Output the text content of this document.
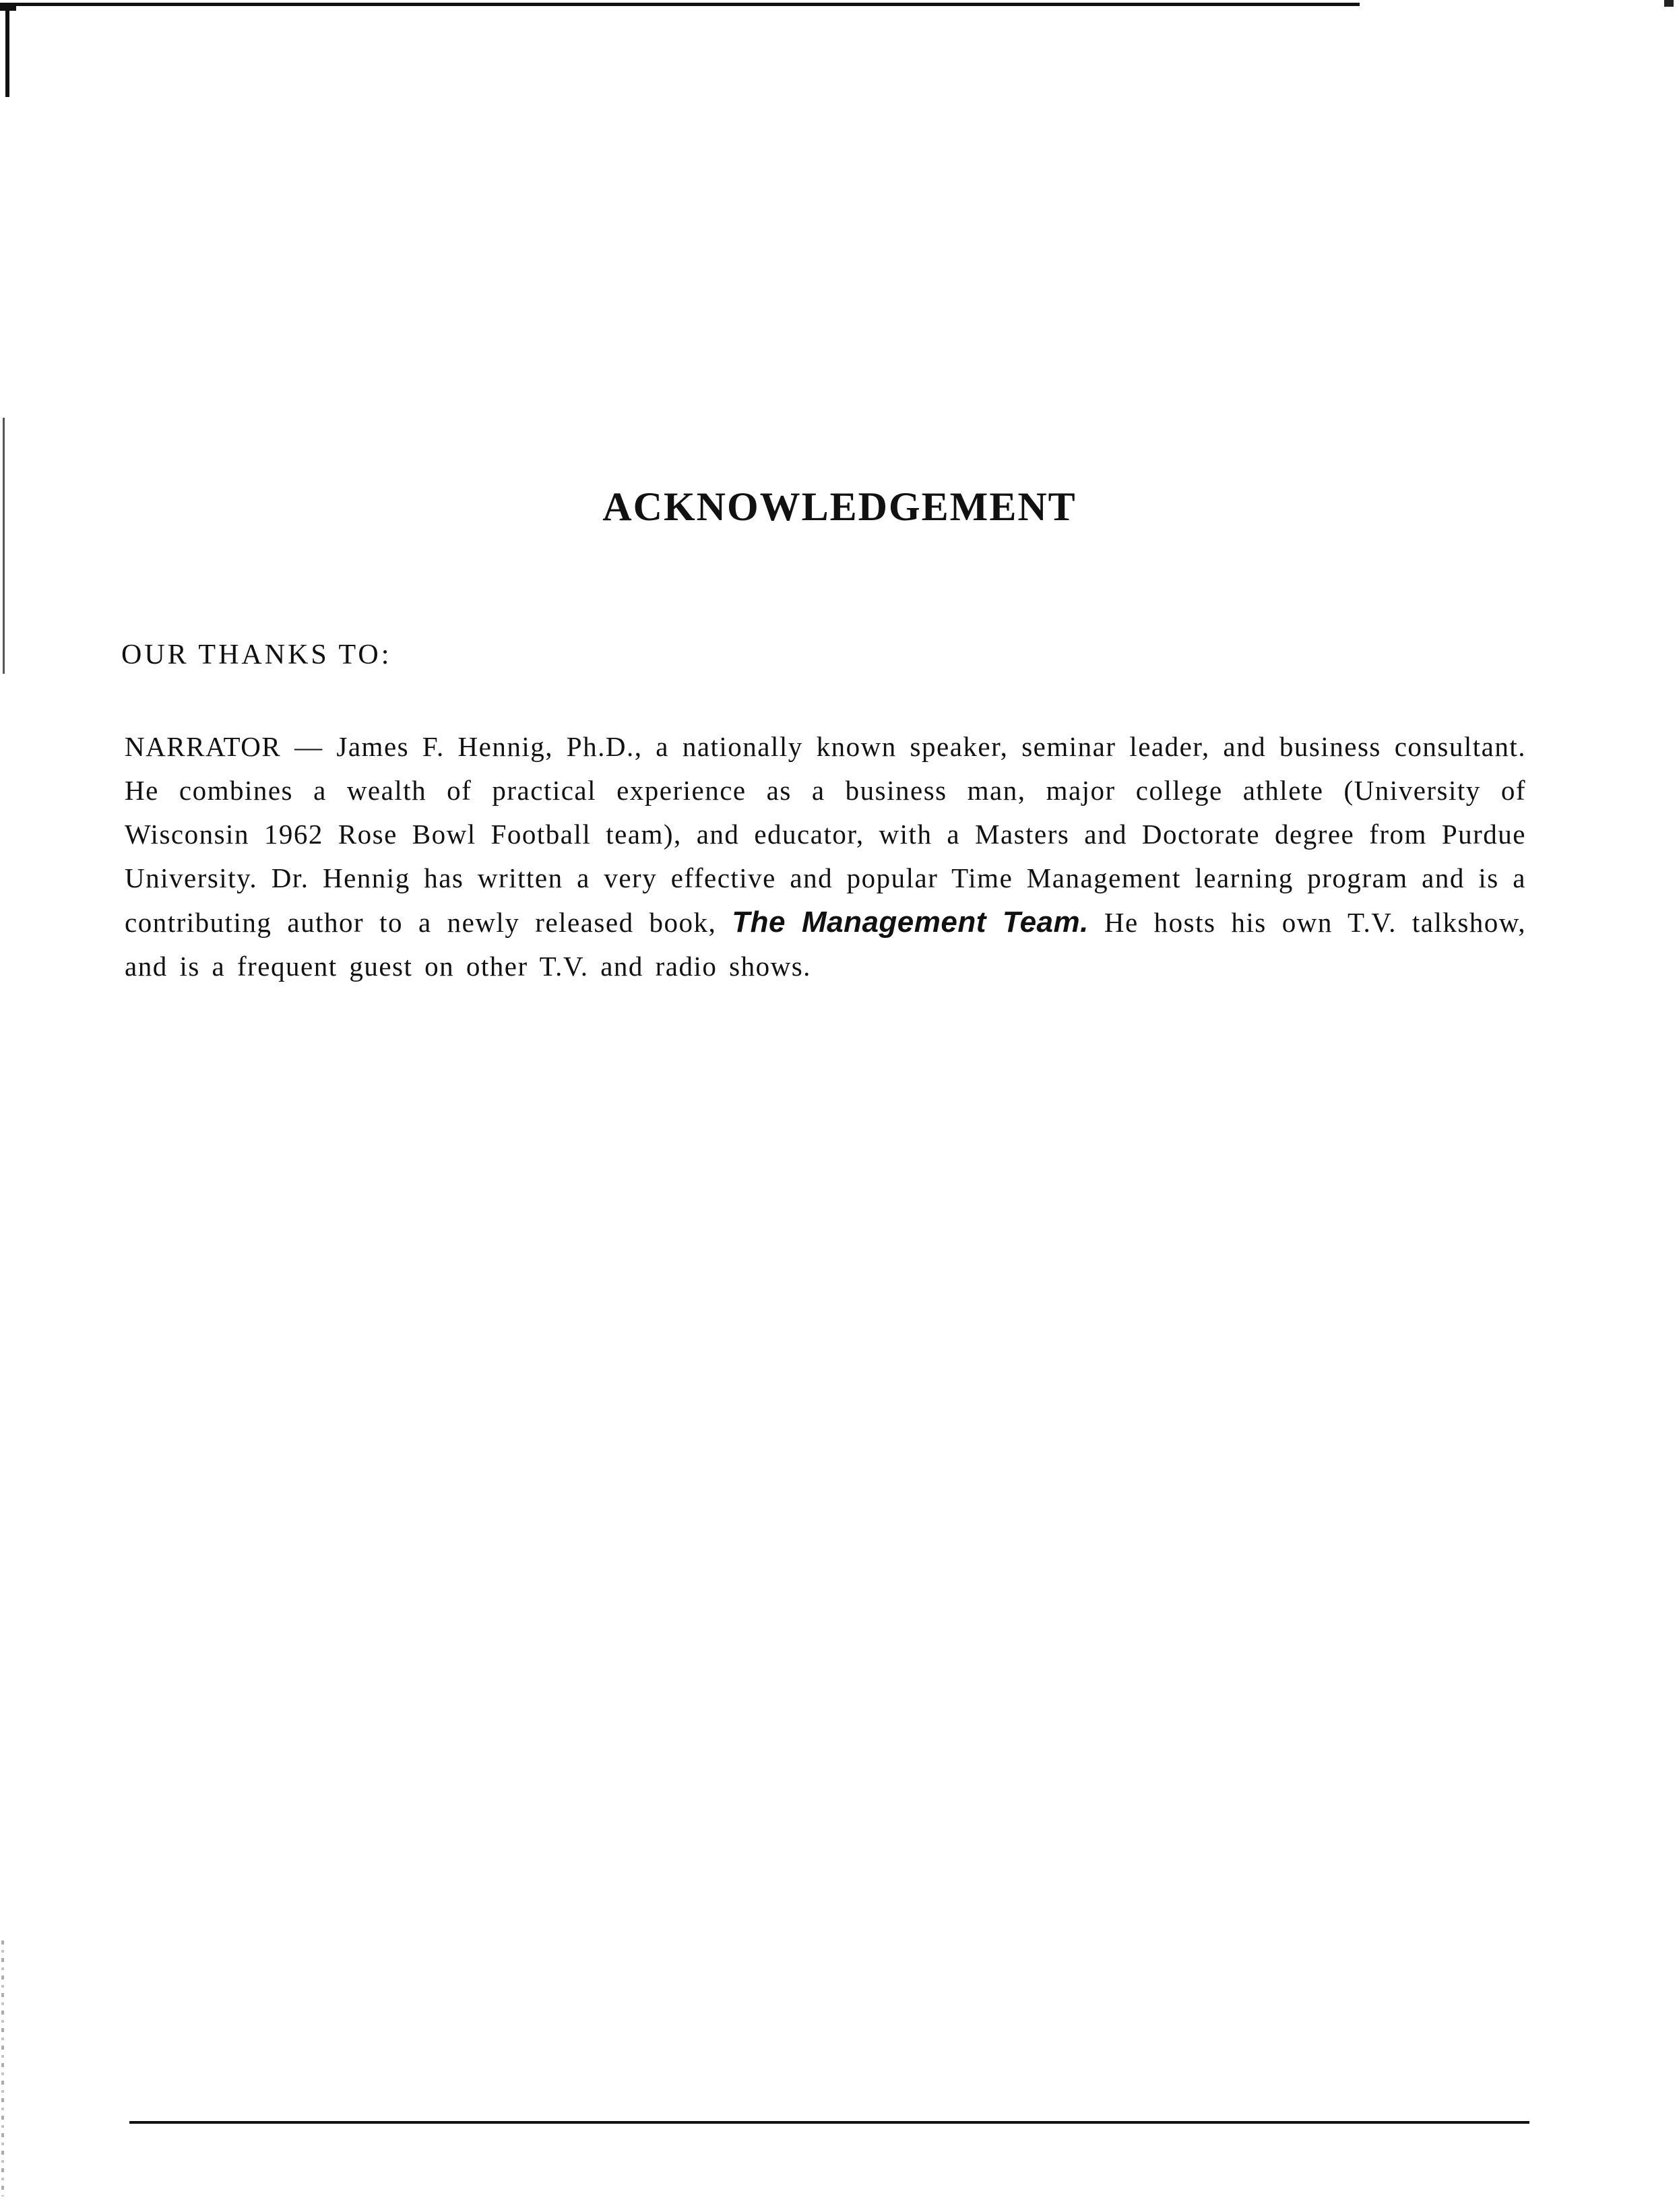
ACKNOWLEDGEMENT
OUR THANKS TO:
NARRATOR — James F. Hennig, Ph.D., a nationally known speaker, seminar leader, and business consultant. He combines a wealth of practical experience as a business man, major college athlete (University of Wisconsin 1962 Rose Bowl Football team), and educator, with a Masters and Doctorate degree from Purdue University. Dr. Hennig has written a very effective and popular Time Management learning program and is a contributing author to a newly released book, The Management Team. He hosts his own T.V. talkshow, and is a frequent guest on other T.V. and radio shows.
